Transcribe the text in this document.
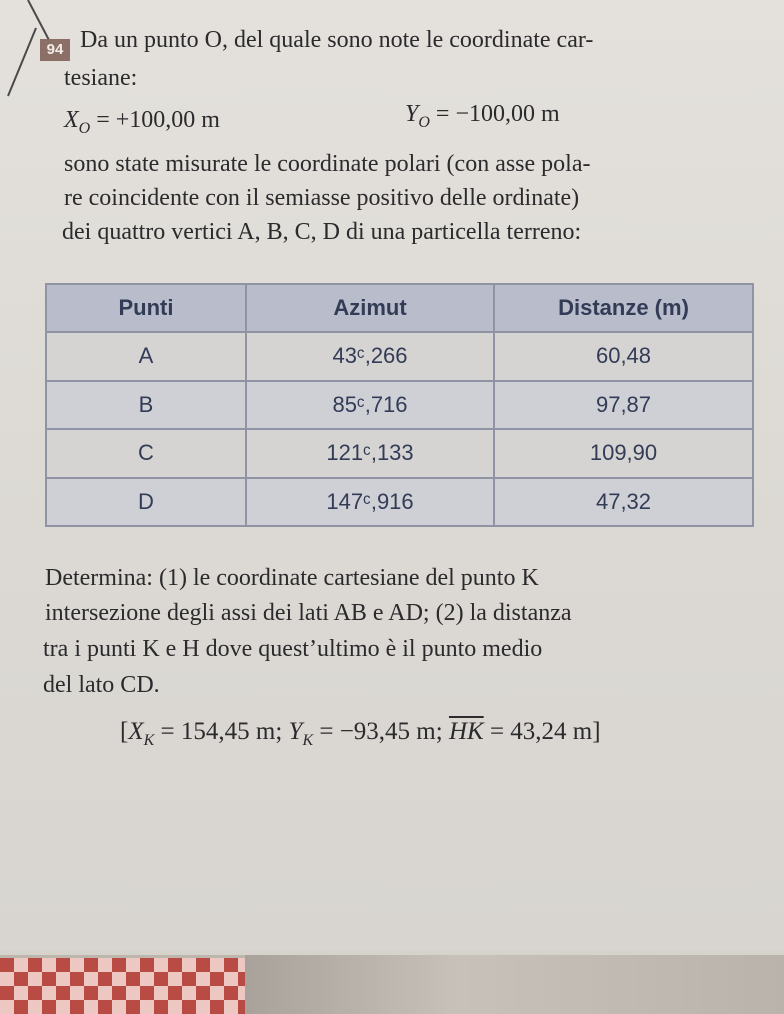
94 Da un punto O, del quale sono note le coordinate car-
tesiane:
$X_O = +100,00$ m	$Y_O = -100,00$ m
sono state misurate le coordinate polari (con asse pola-
re coincidente con il semiasse positivo delle ordinate)
dei quattro vertici A, B, C, D di una particella terreno:
Punti	Azimut	Distanze (m)
A	43ᶜ,266	60,48
B	85ᶜ,716	97,87
C	121ᶜ,133	109,90
D	147ᶜ,916	47,32
Determina: (1) le coordinate cartesiane del punto K
intersezione degli assi dei lati AB e AD; (2) la distanza
tra i punti K e H dove quest’ultimo è il punto medio
del lato CD.
[$X_K = 154,45$ m; $Y_K = -93,45$ m; $\overline{HK} = 43,24$ m]
